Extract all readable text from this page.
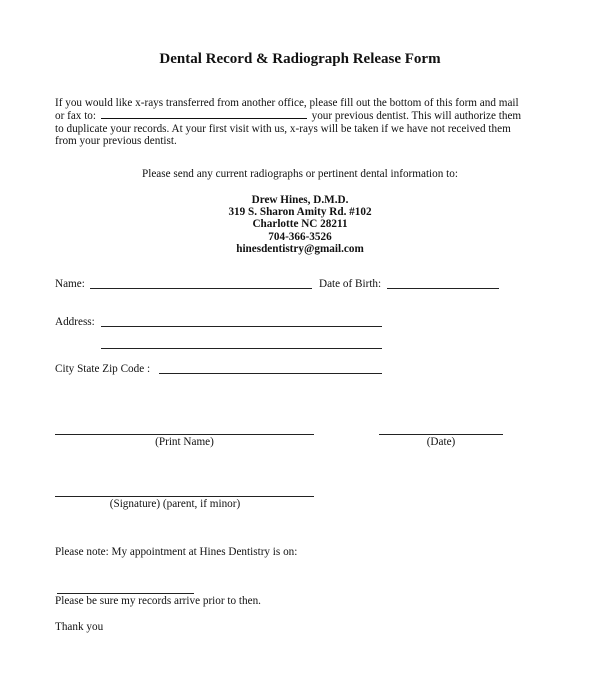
Dental Record & Radiograph Release Form
If you would like x-rays transferred from another office, please fill out the bottom of this form and mail
or fax to:	your previous dentist. This will authorize them
to duplicate your records. At your first visit with us, x-rays will be taken if we have not received them
from your previous dentist.
Please send any current radiographs or pertinent dental information to:
Drew Hines, D.M.D.
319 S. Sharon Amity Rd. #102
Charlotte NC 28211
704-366-3526
hinesdentistry@gmail.com
Name:	Date of Birth:
Address:
City State Zip Code :
(Print Name)	(Date)
(Signature) (parent, if minor)
Please note: My appointment at Hines Dentistry is on:
Please be sure my records arrive prior to then.
Thank you
